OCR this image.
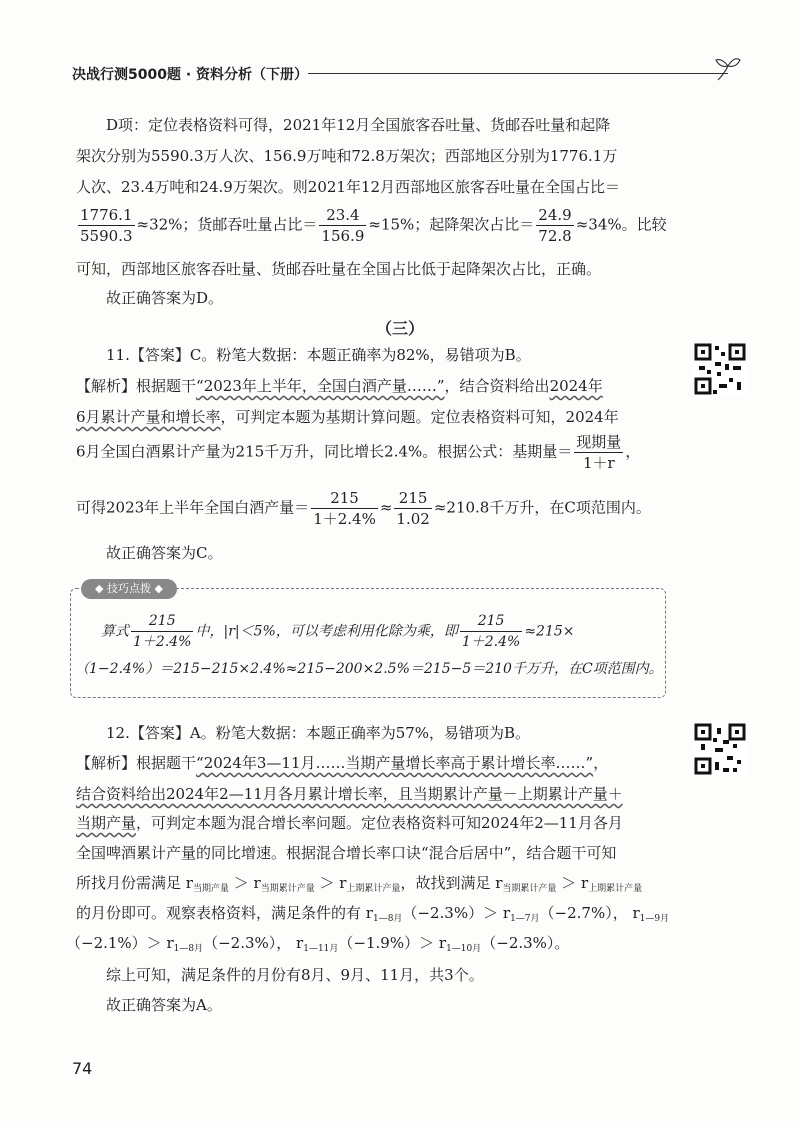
决战行测5000题 · 资料分析（下册）

D项：定位表格资料可得，2021年12月全国旅客吞吐量、货邮吞吐量和起降

架次分别为5590.3万人次、156.9万吨和72.8万架次；西部地区分别为1776.1万

人次、23.4万吨和24.9万架次。则2021年12月西部地区旅客吞吐量在全国占比＝

$\frac{1776.1}{5590.3} \approx 32\%$；货邮吞吐量占比＝ $\frac{23.4}{156.9} \approx 15\%$；起降架次占比＝ $\frac{24.9}{72.8} \approx 34\%$。比较

可知，西部地区旅客吞吐量、货邮吞吐量在全国占比低于起降架次占比，正确。

故正确答案为D。

（三）

11.【答案】C。粉笔大数据：本题正确率为82%，易错项为B。

【解析】根据题干“2023年上半年，全国白酒产量……”，结合资料给出2024年

6月累计产量和增长率，可判定本题为基期计算问题。定位表格资料可知，2024年

6月全国白酒累计产量为215千万升，同比增长2.4%。根据公式：基期量＝ $\frac{\text{现期量}}{1+r}$ ，
可得2023年上半年全国白酒产量＝ $\frac{215}{1+2.4\%} \approx \frac{215}{1.02} \approx 210.8$千万升，在C项范围内。

故正确答案为C。

◆ 技巧点拨 ◆
算式 $\frac{215}{1+2.4\%}$ 中，|r|＜5%，可以考虑利用化除为乘，即 $\frac{215}{1+2.4\%} \approx 215\times$
（1−2.4%）＝215−215×2.4%≈215−200×2.5%＝215−5＝210千万升，在C项范围内。

12.【答案】A。粉笔大数据：本题正确率为57%，易错项为B。

【解析】根据题干“2024年3—11月……当期产量增长率高于累计增长率……”，

结合资料给出2024年2—11月各月累计增长率，且当期累计产量－上期累计产量＋

当期产量，可判定本题为混合增长率问题。定位表格资料可知2024年2—11月各月

全国啤酒累计产量的同比增速。根据混合增长率口诀“混合后居中”，结合题干可知

所找月份需满足 $r_{当期产量} > r_{当期累计产量} > r_{上期累计产量}$，故找到满足 $r_{当期累计产量} > r_{上期累计产量}$

的月份即可。观察表格资料，满足条件的有 $r_{1—8月}(-2.3\%)> r_{1—7月}(-2.7\%)$， $r_{1—9月}$

$(-2.1\%)> r_{1—8月}(-2.3\%)$， $r_{1—11月}(-1.9\%)> r_{1—10月}(-2.3\%)$。

综上可知，满足条件的月份有8月、9月、11月，共3个。

故正确答案为A。

74
